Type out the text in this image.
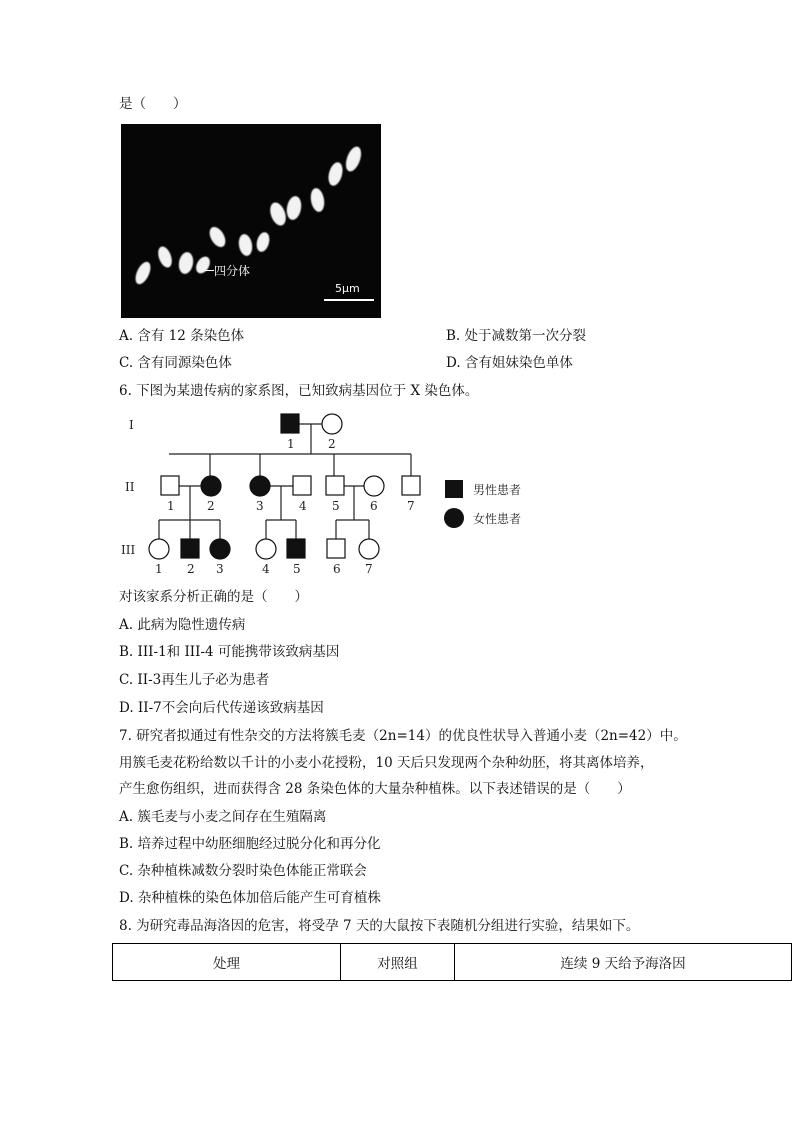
是（　　）
四分体
5μm
A. 含有 12 条染色体	B. 处于减数第一次分裂
C. 含有同源染色体	D. 含有姐妹染色单体
6. 下图为某遗传病的家系图，已知致病基因位于 X 染色体。
I
II
III
1	2
1	2	3	4 5	6 7
1 2 3	4 5	6 7
男性患者
女性患者
对该家系分析正确的是（　　）
A. 此病为隐性遗传病
B. III-1和 III-4 可能携带该致病基因
C. II-3再生儿子必为患者
D. II-7不会向后代传递该致病基因
7. 研究者拟通过有性杂交的方法将簇毛麦（2n=14）的优良性状导入普通小麦（2n=42）中。
用簇毛麦花粉给数以千计的小麦小花授粉，10 天后只发现两个杂种幼胚，将其离体培养，
产生愈伤组织，进而获得含 28 条染色体的大量杂种植株。以下表述错误的是（　　）
A. 簇毛麦与小麦之间存在生殖隔离
B. 培养过程中幼胚细胞经过脱分化和再分化
C. 杂种植株减数分裂时染色体能正常联会
D. 杂种植株的染色体加倍后能产生可育植株
8. 为研究毒品海洛因的危害，将受孕 7 天的大鼠按下表随机分组进行实验，结果如下。
处理	对照组	连续 9 天给予海洛因
